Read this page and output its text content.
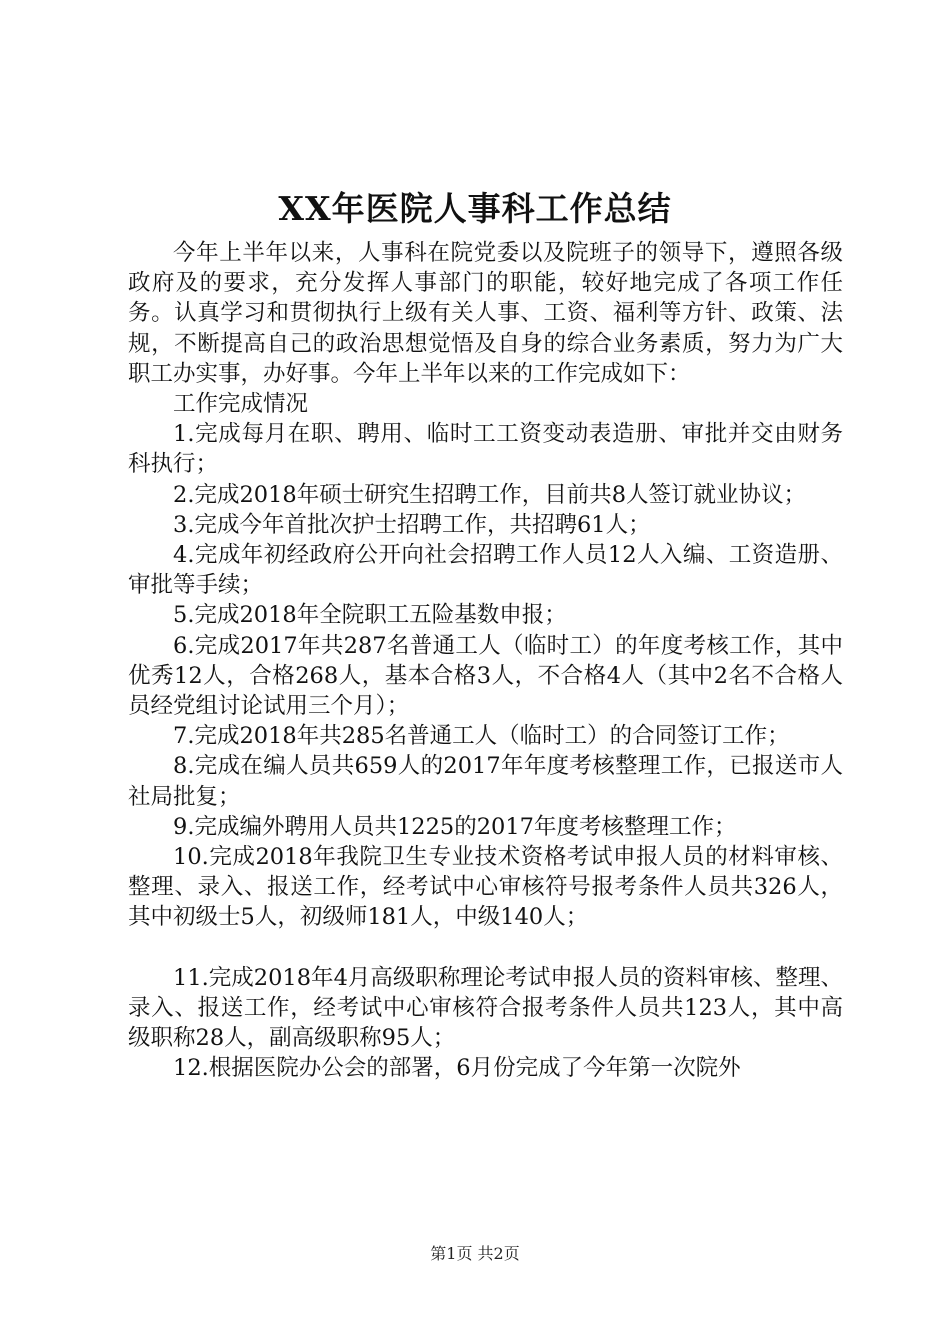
XX年医院人事科工作总结

今年上半年以来，人事科在院党委以及院班子的领导下，遵照各级政府及的要求，充分发挥人事部门的职能，较好地完成了各项工作任务。认真学习和贯彻执行上级有关人事、工资、福利等方针、政策、法规，不断提高自己的政治思想觉悟及自身的综合业务素质，努力为广大职工办实事，办好事。今年上半年以来的工作完成如下：

工作完成情况

1.完成每月在职、聘用、临时工工资变动表造册、审批并交由财务科执行；

2.完成2018年硕士研究生招聘工作，目前共8人签订就业协议；

3.完成今年首批次护士招聘工作，共招聘61人；

4.完成年初经政府公开向社会招聘工作人员12人入编、工资造册、审批等手续；

5.完成2018年全院职工五险基数申报；

6.完成2017年共287名普通工人（临时工）的年度考核工作，其中优秀12人，合格268人，基本合格3人，不合格4人（其中2名不合格人员经党组讨论试用三个月）；

7.完成2018年共285名普通工人（临时工）的合同签订工作；

8.完成在编人员共659人的2017年年度考核整理工作，已报送市人社局批复；

9.完成编外聘用人员共1225的2017年度考核整理工作；

10.完成2018年我院卫生专业技术资格考试申报人员的材料审核、整理、录入、报送工作，经考试中心审核符号报考条件人员共326人，其中初级士5人，初级师181人，中级140人；

11.完成2018年4月高级职称理论考试申报人员的资料审核、整理、录入、报送工作，经考试中心审核符合报考条件人员共123人，其中高级职称28人，副高级职称95人；

12.根据医院办公会的部署，6月份完成了今年第一次院外

第1页 共2页
